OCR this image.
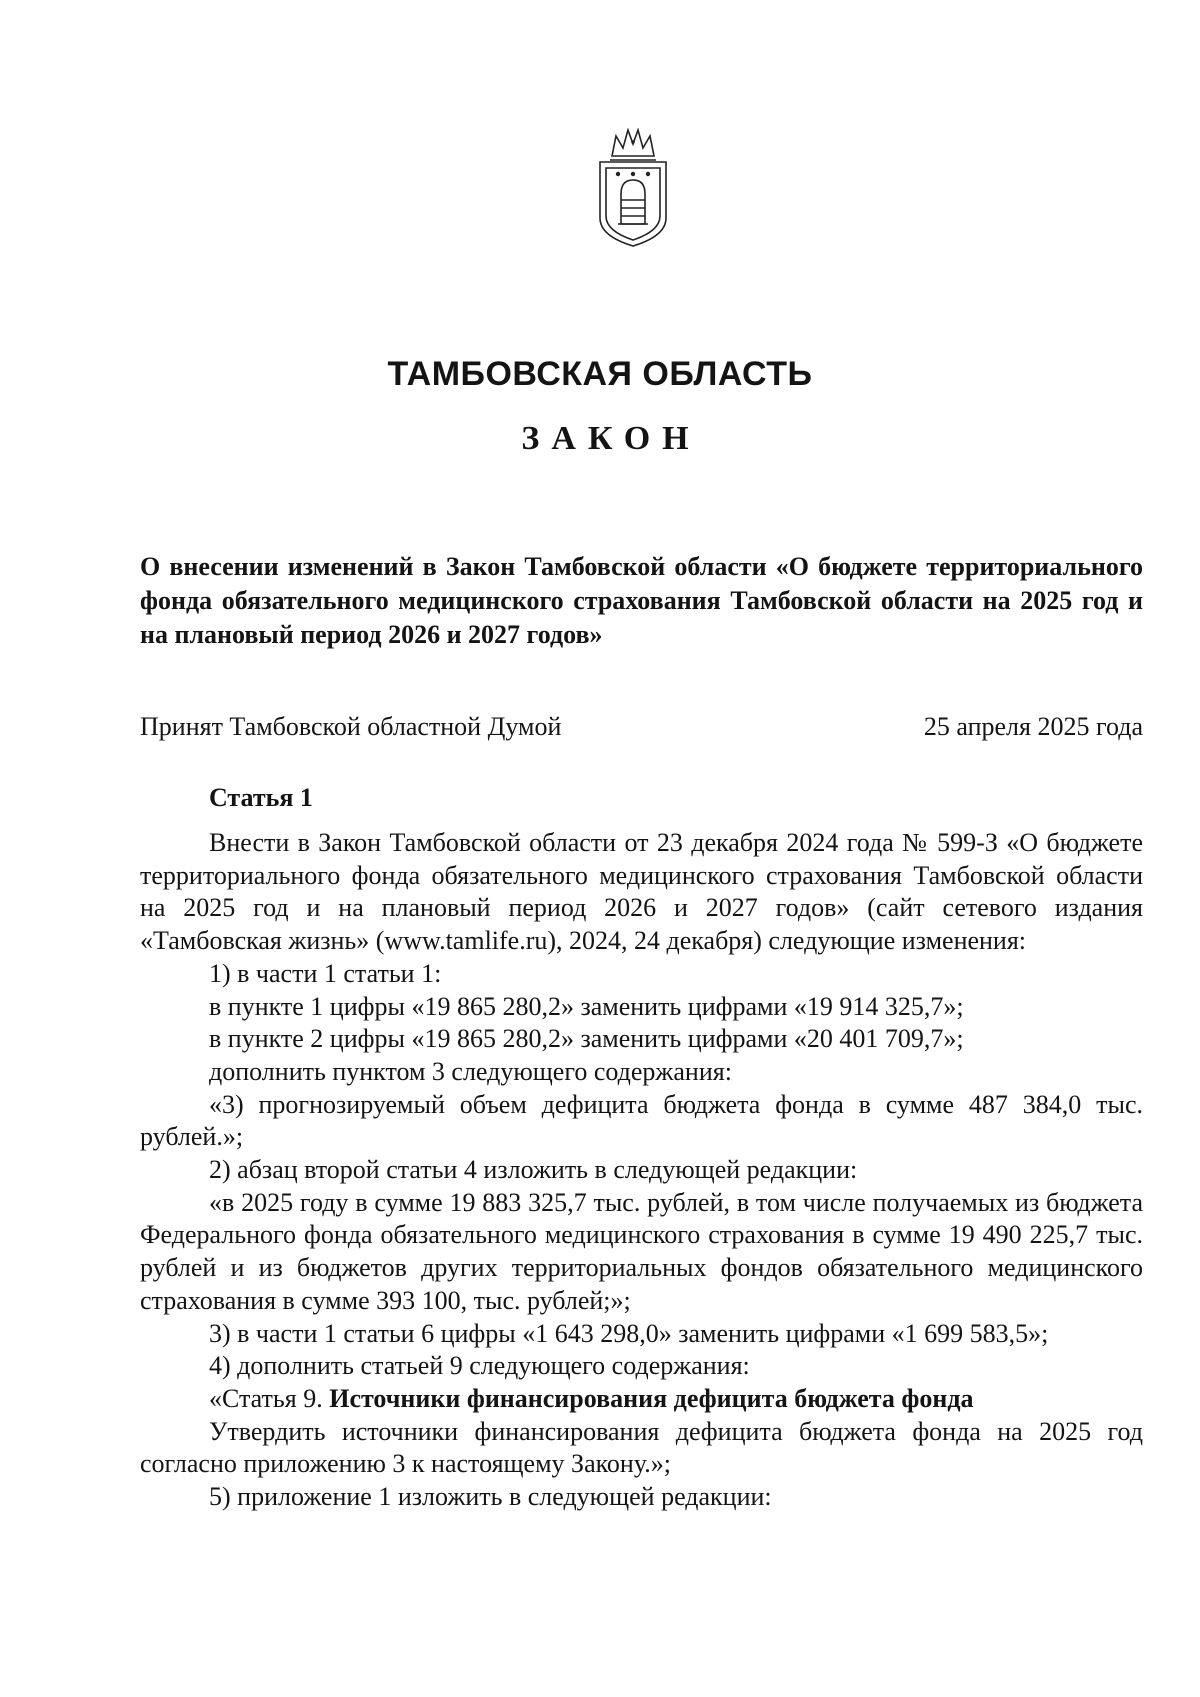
ТАМБОВСКАЯ ОБЛАСТЬ
ЗАКОН
О внесении изменений в Закон Тамбовской области «О бюджете территориального фонда обязательного медицинского страхования Тамбовской области на 2025 год и на плановый период 2026 и 2027 годов»
Принят Тамбовской областной Думой	25 апреля 2025 года
Статья 1

Внести в Закон Тамбовской области от 23 декабря 2024 года № 599-З «О бюджете территориального фонда обязательного медицинского страхования Тамбовской области на 2025 год и на плановый период 2026 и 2027 годов» (сайт сетевого издания «Тамбовская жизнь» (www.tamlife.ru), 2024, 24 декабря) следующие изменения:

1) в части 1 статьи 1:

в пункте 1 цифры «19 865 280,2» заменить цифрами «19 914 325,7»;

в пункте 2 цифры «19 865 280,2» заменить цифрами «20 401 709,7»;

дополнить пунктом 3 следующего содержания:

«3) прогнозируемый объем дефицита бюджета фонда в сумме 487 384,0 тыс. рублей.»;

2) абзац второй статьи 4 изложить в следующей редакции:

«в 2025 году в сумме 19 883 325,7 тыс. рублей, в том числе получаемых из бюджета Федерального фонда обязательного медицинского страхования в сумме 19 490 225,7 тыс. рублей и из бюджетов других территориальных фондов обязательного медицинского страхования в сумме 393 100, тыс. рублей;»;

3) в части 1 статьи 6 цифры «1 643 298,0» заменить цифрами «1 699 583,5»;

4) дополнить статьей 9 следующего содержания:

«Статья 9. Источники финансирования дефицита бюджета фонда

Утвердить источники финансирования дефицита бюджета фонда на 2025 год согласно приложению 3 к настоящему Закону.»;

5) приложение 1 изложить в следующей редакции:
